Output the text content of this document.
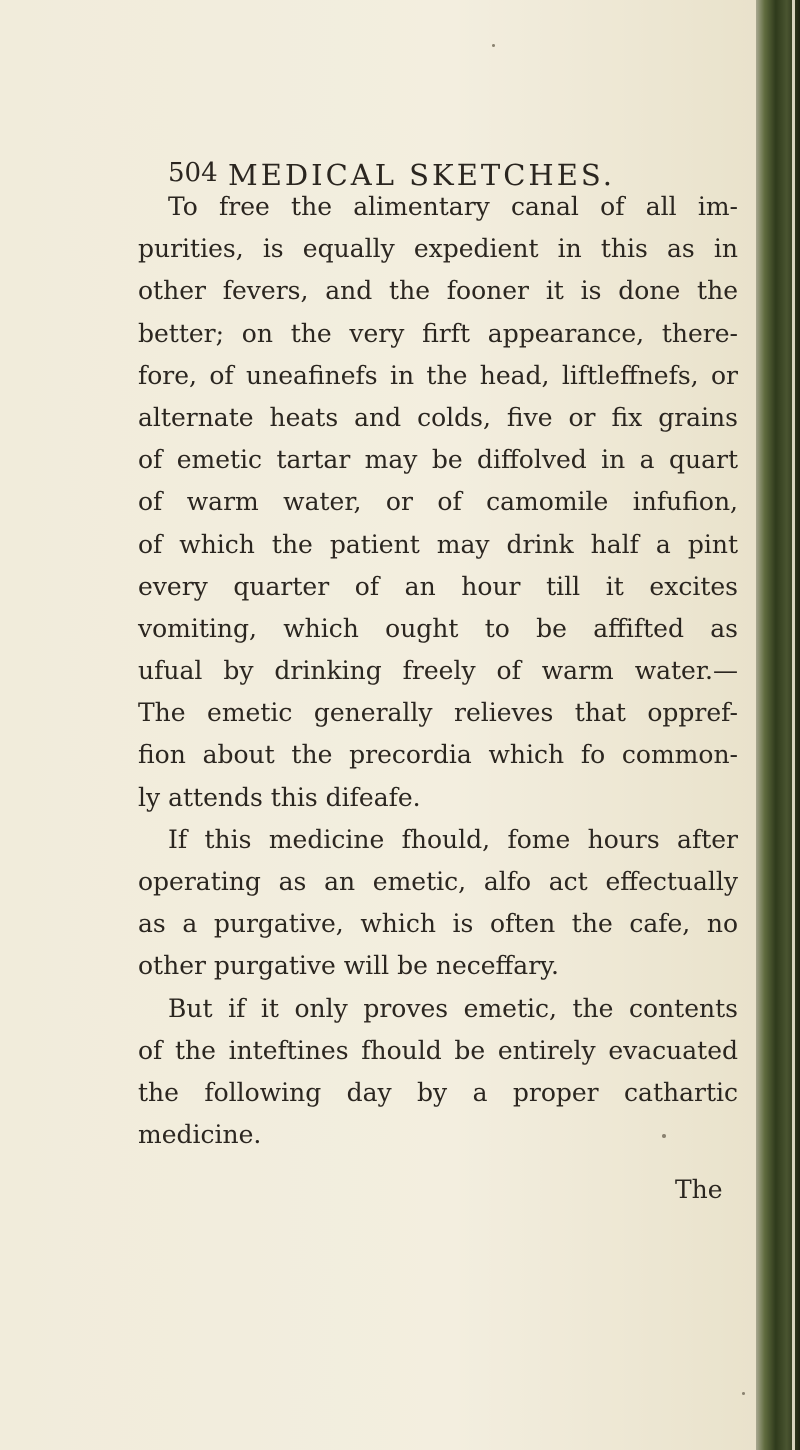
504 MEDICAL SKETCHES.
To free the alimentary canal of all im-
purities, is equally expedient in this as in
other fevers, and the fooner it is done the
better; on the very firft appearance, there-
fore, of uneafinefs in the head, liftleffnefs, or
alternate heats and colds, five or fix grains
of emetic tartar may be diffolved in a quart
of warm water, or of camomile infufion,
of which the patient may drink half a pint
every quarter of an hour till it excites
vomiting, which ought to be affifted as
ufual by drinking freely of warm water.—
The emetic generally relieves that oppref-
fion about the precordia which fo common-
ly attends this difeafe.
If this medicine fhould, fome hours after
operating as an emetic, alfo act effectually
as a purgative, which is often the cafe, no
other purgative will be neceffary.
But if it only proves emetic, the contents
of the inteftines fhould be entirely evacuated
the following day by a proper cathartic
medicine.
The
